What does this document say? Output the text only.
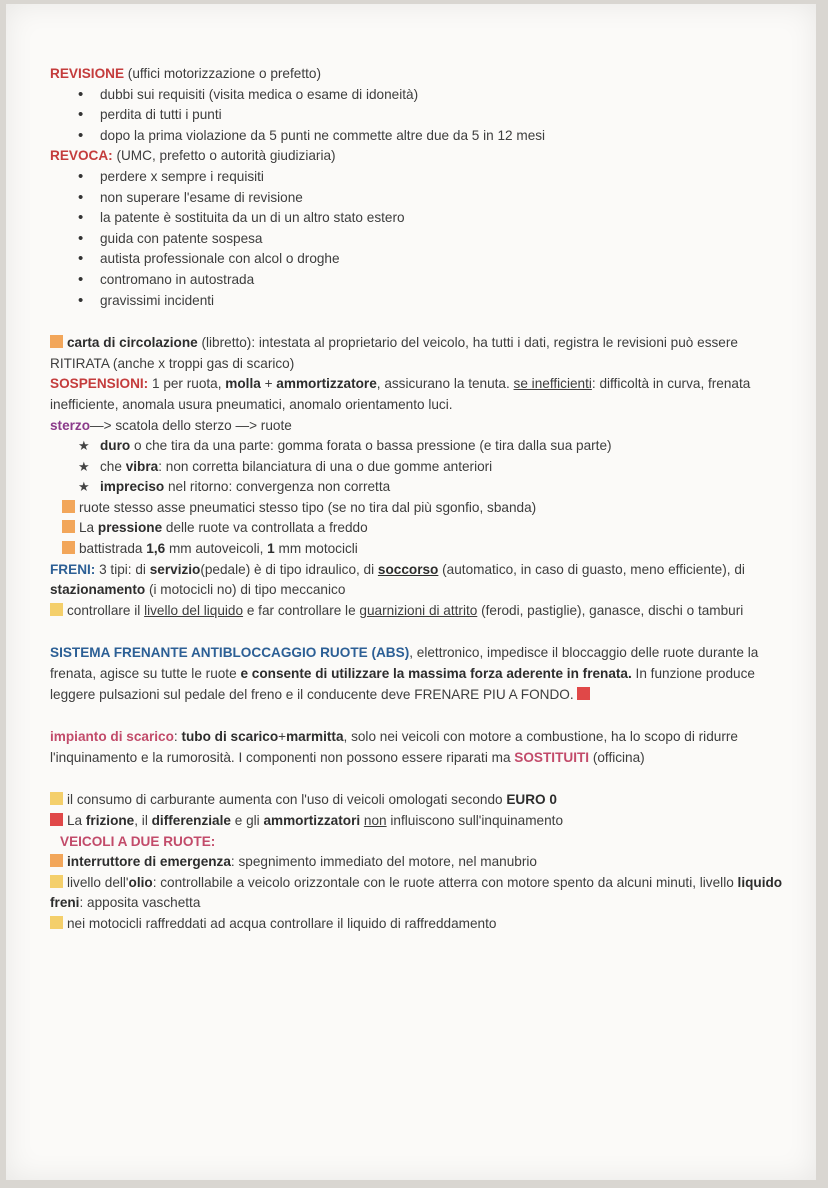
REVISIONE (uffici motorizzazione o prefetto)

• dubbi sui requisiti (visita medica o esame di idoneità)
• perdita di tutti i punti
• dopo la prima violazione da 5 punti ne commette altre due da 5 in 12 mesi

REVOCA: (UMC, prefetto o autorità giudiziaria)

• perdere x sempre i requisiti
• non superare l'esame di revisione
• la patente è sostituita da un di un altro stato estero
• guida con patente sospesa
• autista professionale con alcol o droghe
• contromano in autostrada
• gravissimi incidenti

carta di circolazione (libretto): intestata al proprietario del veicolo, ha tutti i dati, registra le revisioni può essere RITIRATA (anche x troppi gas di scarico)

SOSPENSIONI: 1 per ruota, molla + ammortizzatore, assicurano la tenuta. se inefficienti: difficoltà in curva, frenata inefficiente, anomala usura pneumatici, anomalo orientamento luci.

sterzo—> scatola dello sterzo —> ruote

★ duro o che tira da una parte: gomma forata o bassa pressione (e tira dalla sua parte)
★ che vibra: non corretta bilanciatura di una o due gomme anteriori
★ impreciso nel ritorno: convergenza non corretta

ruote stesso asse pneumatici stesso tipo (se no tira dal più sgonfio, sbanda)

La pressione delle ruote va controllata a freddo

battistrada 1,6 mm autoveicoli, 1 mm motocicli

FRENI: 3 tipi: di servizio(pedale) è di tipo idraulico, di soccorso (automatico, in caso di guasto, meno efficiente), di stazionamento (i motocicli no) di tipo meccanico

controllare il livello del liquido e far controllare le guarnizioni di attrito (ferodi, pastiglie), ganasce, dischi o tamburi

SISTEMA FRENANTE ANTIBLOCCAGGIO RUOTE (ABS), elettronico, impedisce il bloccaggio delle ruote durante la frenata, agisce su tutte le ruote e consente di utilizzare la massima forza aderente in frenata. In funzione produce leggere pulsazioni sul pedale del freno e il conducente deve FRENARE PIU A FONDO.

impianto di scarico: tubo di scarico+marmitta, solo nei veicoli con motore a combustione, ha lo scopo di ridurre l'inquinamento e la rumorosità. I componenti non possono essere riparati ma SOSTITUITI (officina)

il consumo di carburante aumenta con l'uso di veicoli omologati secondo EURO 0

La frizione, il differenziale e gli ammortizzatori non influiscono sull'inquinamento

VEICOLI A DUE RUOTE:

interruttore di emergenza: spegnimento immediato del motore, nel manubrio

livello dell'olio: controllabile a veicolo orizzontale con le ruote atterra con motore spento da alcuni minuti, livello liquido freni: apposita vaschetta

nei motocicli raffreddati ad acqua controllare il liquido di raffreddamento
